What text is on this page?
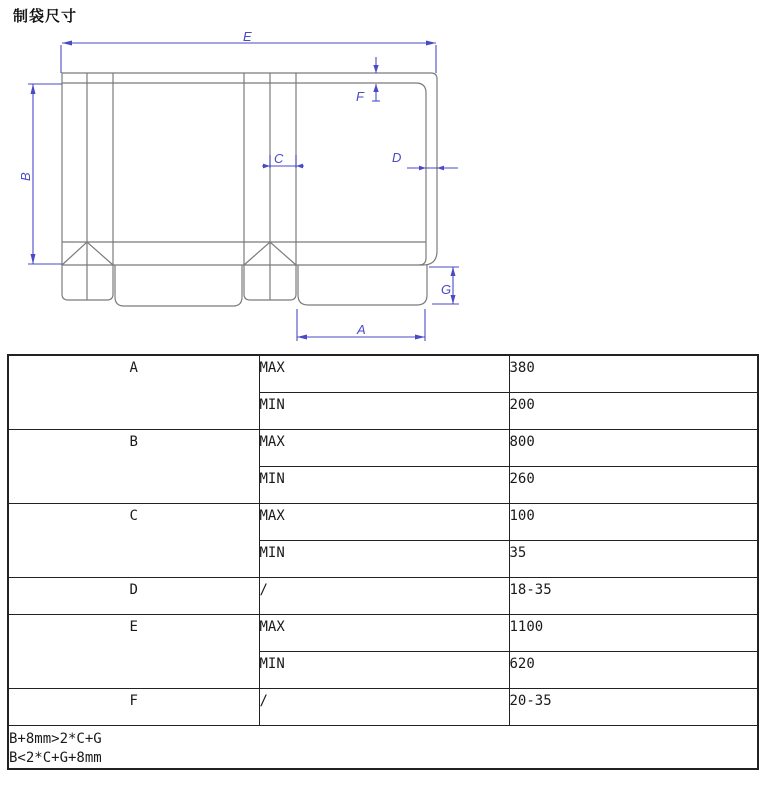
制袋尺寸
E
F
B
C	D
G
A
A	MAX	380
	MIN	200
B	MAX	800
	MIN	260
C	MAX	100
	MIN	35
D	/	18-35
E	MAX	1100
	MIN	620
F	/	20-35

B+8mm>2*C+G
B<2*C+G+8mm		
